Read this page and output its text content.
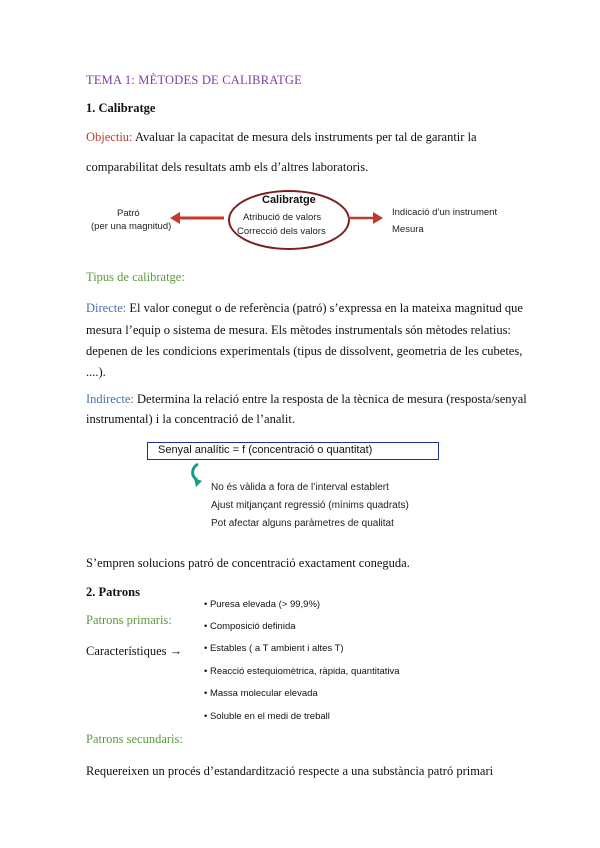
TEMA 1: MÈTODES DE CALIBRATGE
1. Calibratge
Objectiu: Avaluar la capacitat de mesura dels instruments per tal de garantir la
comparabilitat dels resultats amb els d’altres laboratoris.
Calibratge
Atribució de valors
Correcció dels valors
Patró
(per una magnitud)
Indicació d’un instrument
Mesura
Tipus de calibratge:
Directe: El valor conegut o de referència (patró) s’expressa en la mateixa magnitud que
mesura l’equip o sistema de mesura. Els mètodes instrumentals són mètodes relatius:
depenen de les condicions experimentals (tipus de dissolvent, geometria de les cubetes,
....).
Indirecte: Determina la relació entre la resposta de la tècnica de mesura (resposta/senyal
instrumental) i la concentració de l’analit.
Senyal analític = f (concentració o quantitat)
No és vàlida a fora de l’interval establert
Ajust mitjançant regressió (mínims quadrats)
Pot afectar alguns paràmetres de qualitat
S’empren solucions patró de concentració exactament coneguda.
2. Patrons
Patrons primaris:
Característiques →
• Puresa elevada (> 99,9%)
• Composició definida
• Estables ( a T ambient i altes T)
• Reacció estequiomètrica, ràpida, quantitativa
• Massa molecular elevada
• Soluble en el medi de treball
Patrons secundaris:
Requereixen un procés d’estandardització respecte a una substància patró primari
